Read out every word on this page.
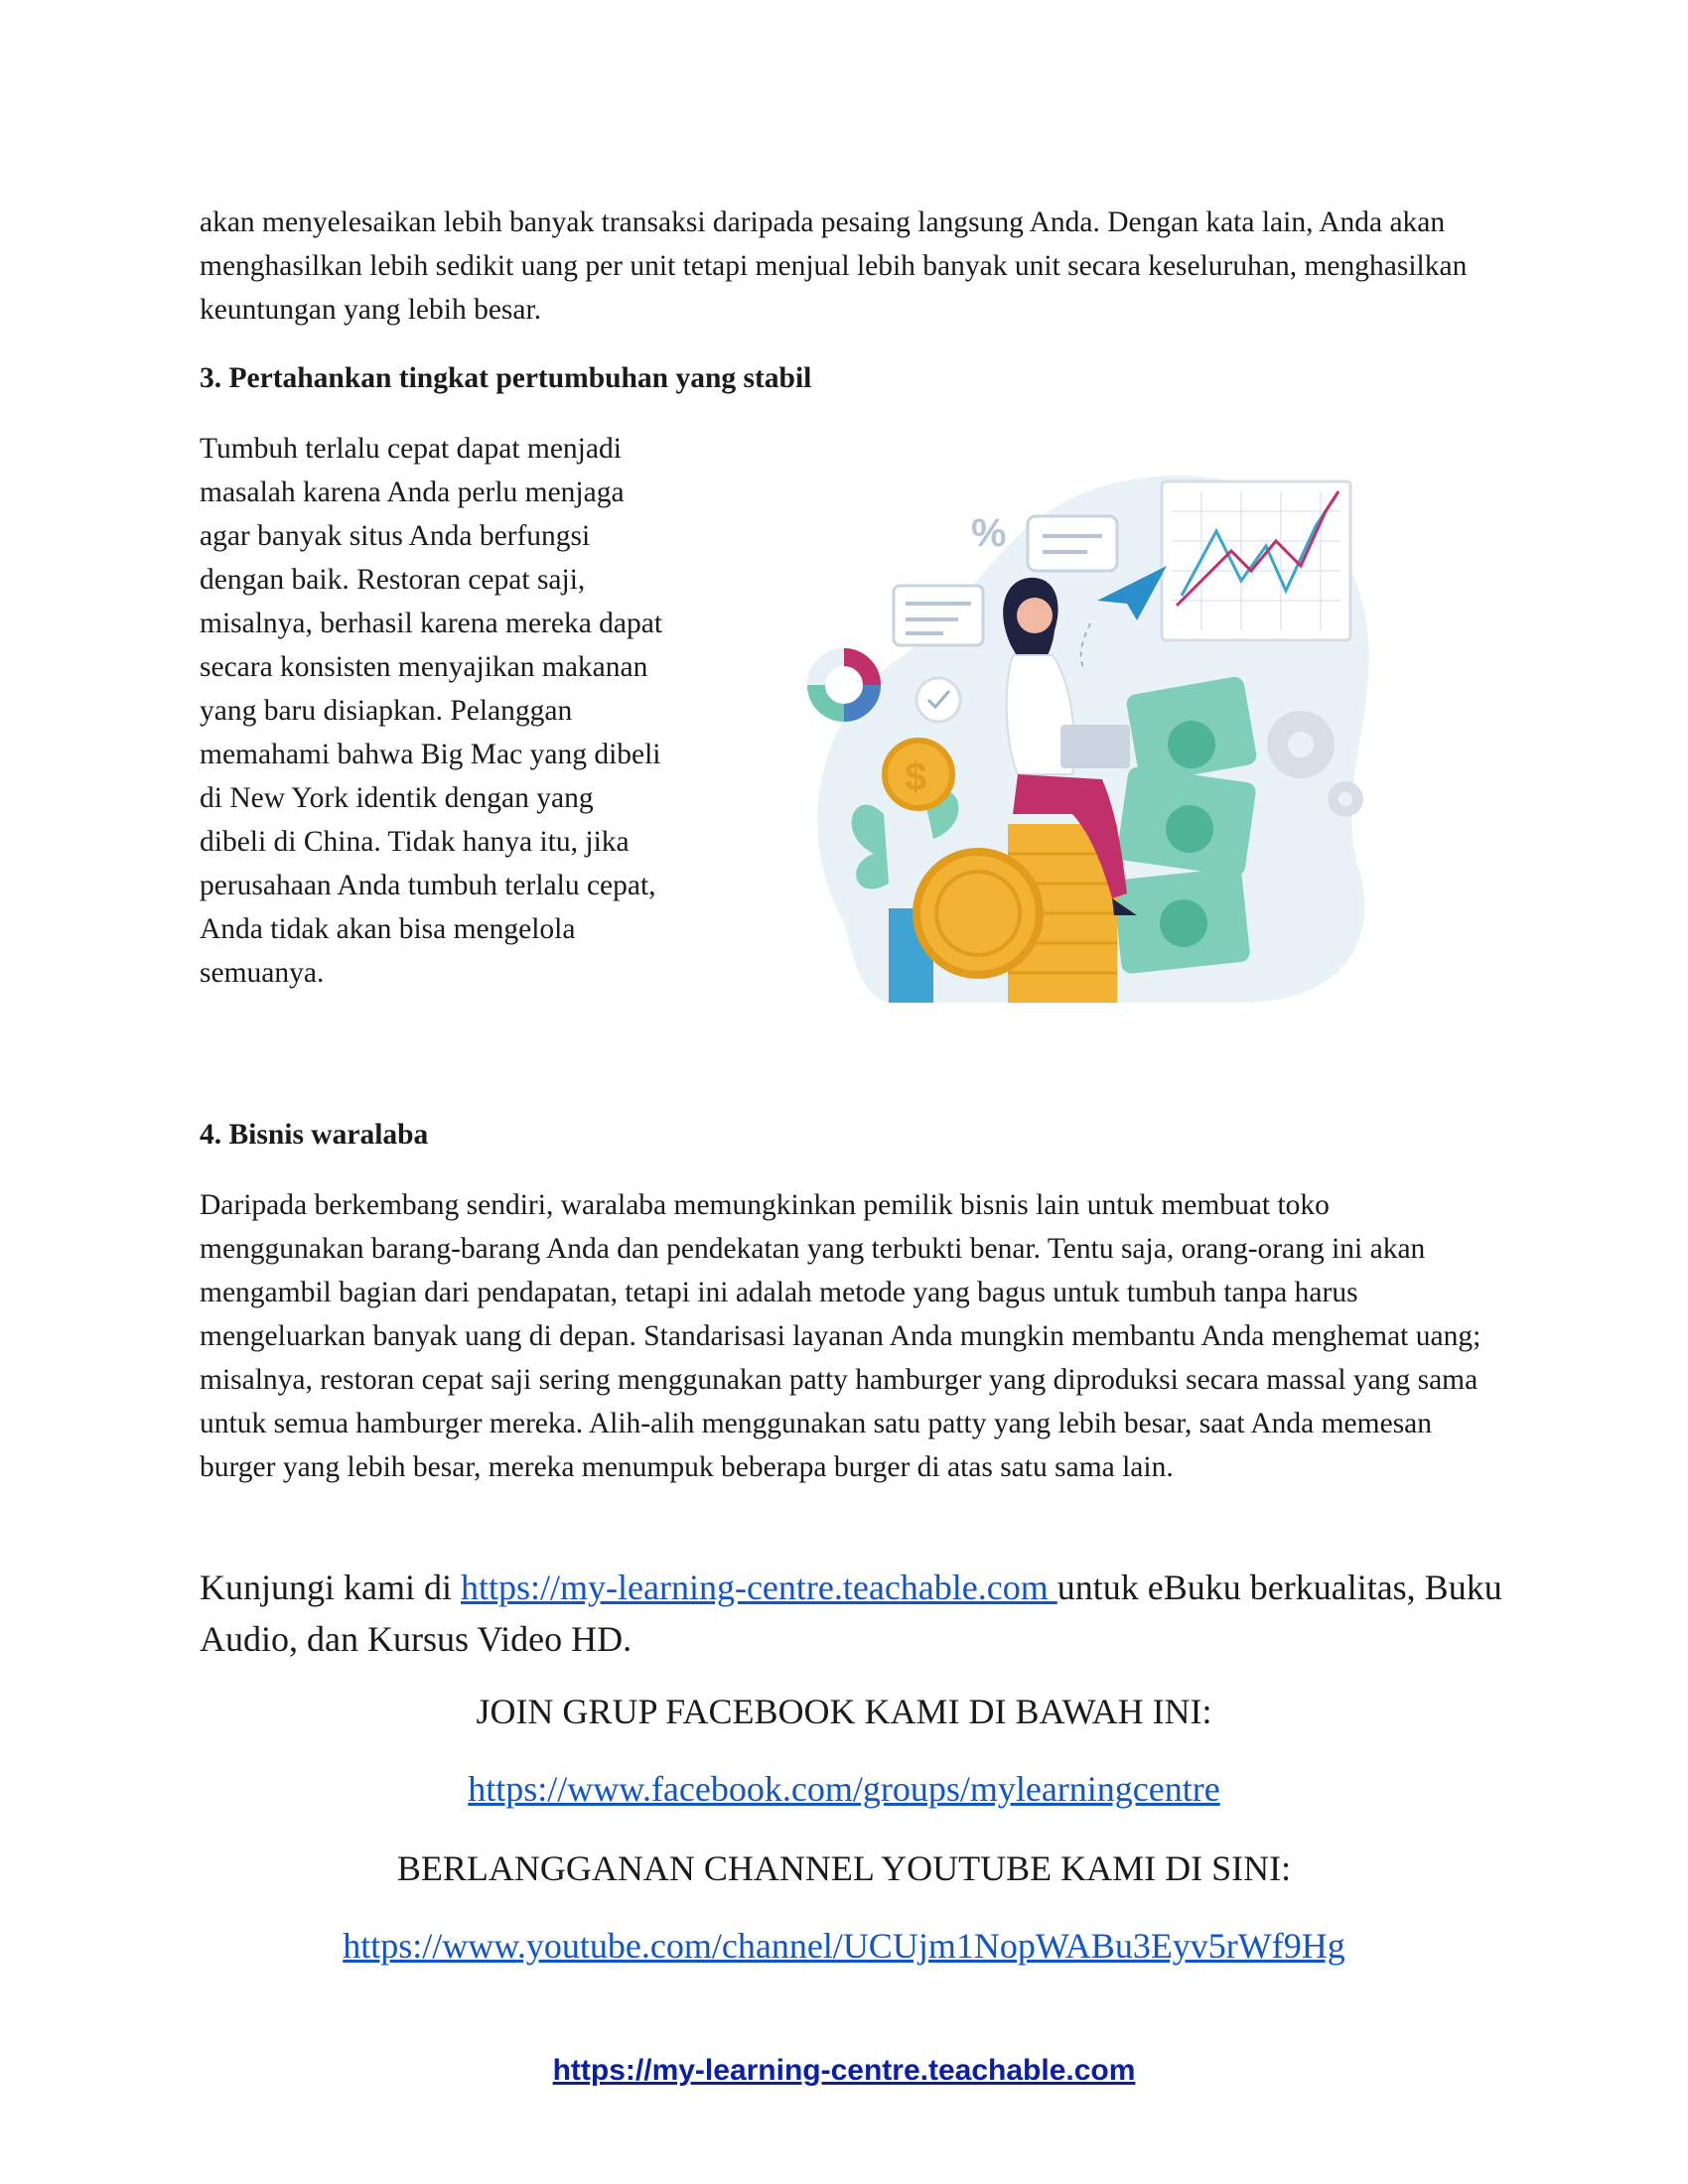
akan menyelesaikan lebih banyak transaksi daripada pesaing langsung Anda. Dengan kata lain, Anda akan menghasilkan lebih sedikit uang per unit tetapi menjual lebih banyak unit secara keseluruhan, menghasilkan keuntungan yang lebih besar.

3. Pertahankan tingkat pertumbuhan yang stabil

Tumbuh terlalu cepat dapat menjadi masalah karena Anda perlu menjaga agar banyak situs Anda berfungsi dengan baik. Restoran cepat saji, misalnya, berhasil karena mereka dapat secara konsisten menyajikan makanan yang baru disiapkan. Pelanggan memahami bahwa Big Mac yang dibeli di New York identik dengan yang dibeli di China. Tidak hanya itu, jika perusahaan Anda tumbuh terlalu cepat, Anda tidak akan bisa mengelola semuanya.

%
$
4. Bisnis waralaba

Daripada berkembang sendiri, waralaba memungkinkan pemilik bisnis lain untuk membuat toko menggunakan barang-barang Anda dan pendekatan yang terbukti benar. Tentu saja, orang-orang ini akan mengambil bagian dari pendapatan, tetapi ini adalah metode yang bagus untuk tumbuh tanpa harus mengeluarkan banyak uang di depan. Standarisasi layanan Anda mungkin membantu Anda menghemat uang; misalnya, restoran cepat saji sering menggunakan patty hamburger yang diproduksi secara massal yang sama untuk semua hamburger mereka. Alih-alih menggunakan satu patty yang lebih besar, saat Anda memesan burger yang lebih besar, mereka menumpuk beberapa burger di atas satu sama lain.

Kunjungi kami di https://my-learning-centre.teachable.com untuk eBuku berkualitas, Buku Audio, dan Kursus Video HD.

JOIN GRUP FACEBOOK KAMI DI BAWAH INI:

https://www.facebook.com/groups/mylearningcentre

BERLANGGANAN CHANNEL YOUTUBE KAMI DI SINI:

https://www.youtube.com/channel/UCUjm1NopWABu3Eyv5rWf9Hg

https://my-learning-centre.teachable.com
